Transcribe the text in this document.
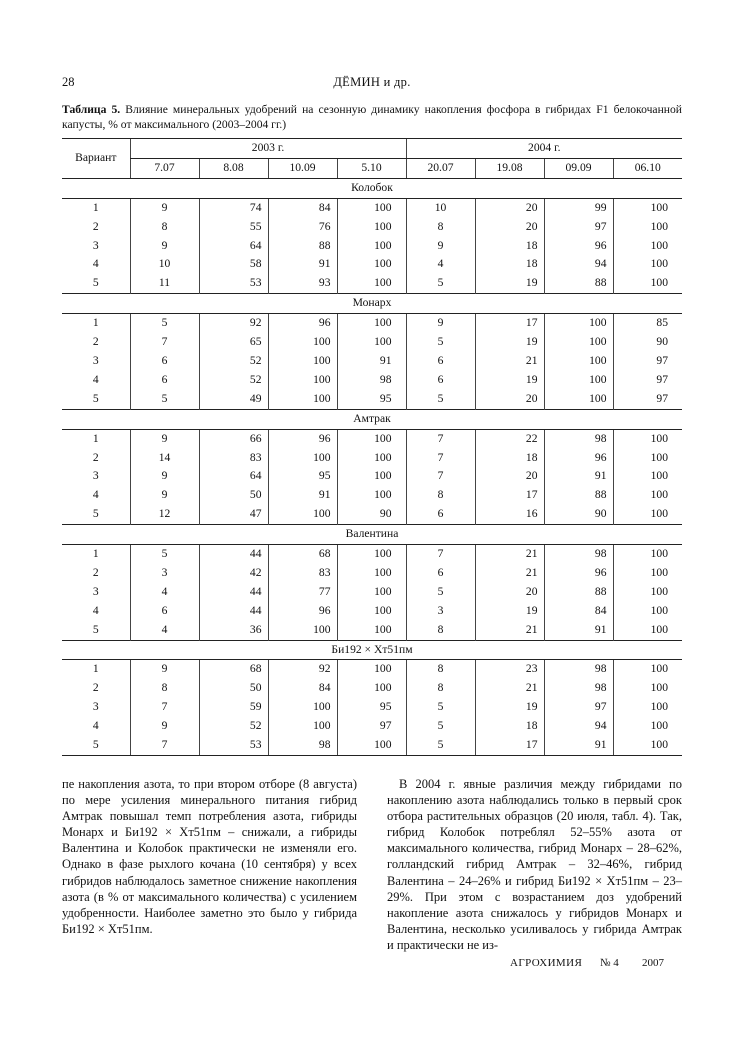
28	ДЁМИН и др.
Таблица 5. Влияние минеральных удобрений на сезонную динамику накопления фосфора в гибридах F1 белокочанной капусты, % от максимального (2003–2004 гг.)
Вариант	2003 г.				2004 г.			
	7.07	8.08	10.09	5.10	20.07	19.08	09.09	06.10
Колобок								
1	9	74	84	100	10	20	99	100
2	8	55	76	100	8	20	97	100
3	9	64	88	100	9	18	96	100
4	10	58	91	100	4	18	94	100
5	11	53	93	100	5	19	88	100
Монарх								
1	5	92	96	100	9	17	100	85
2	7	65	100	100	5	19	100	90
3	6	52	100	91	6	21	100	97
4	6	52	100	98	6	19	100	97
5	5	49	100	95	5	20	100	97
Амтрак								
1	9	66	96	100	7	22	98	100
2	14	83	100	100	7	18	96	100
3	9	64	95	100	7	20	91	100
4	9	50	91	100	8	17	88	100
5	12	47	100	90	6	16	90	100
Валентина								
1	5	44	68	100	7	21	98	100
2	3	42	83	100	6	21	96	100
3	4	44	77	100	5	20	88	100
4	6	44	96	100	3	19	84	100
5	4	36	100	100	8	21	91	100
Би192 × Хт51пм								
1	9	68	92	100	8	23	98	100
2	8	50	84	100	8	21	98	100
3	7	59	100	95	5	19	97	100
4	9	52	100	97	5	18	94	100
5	7	53	98	100	5	17	91	100

пе накопления азота, то при втором отборе (8 августа) по мере усиления минерального питания гибрид Амтрак повышал темп потребления азота, гибриды Монарх и Би192 × Хт51пм – снижали, а гибриды Валентина и Колобок практически не изменяли его. Однако в фазе рыхлого кочана (10 сентября) у всех гибридов наблюдалось заметное снижение накопления азота (в % от максимального количества) с усилением удобренности. Наиболее заметно это было у гибрида Би192 × Хт51пм.

В 2004 г. явные различия между гибридами по накоплению азота наблюдались только в первый срок отбора растительных образцов (20 июля, табл. 4). Так, гибрид Колобок потреблял 52–55% азота от максимального количества, гибрид Монарх – 28–62%, голландский гибрид Амтрак – 32–46%, гибрид Валентина – 24–26% и гибрид Би192 × Хт51пм – 23–29%. При этом с возрастанием доз удобрений накопление азота снижалось у гибридов Монарх и Валентина, несколько усиливалось у гибрида Амтрак и практически не из-

АГРОХИМИЯ № 4 2007
